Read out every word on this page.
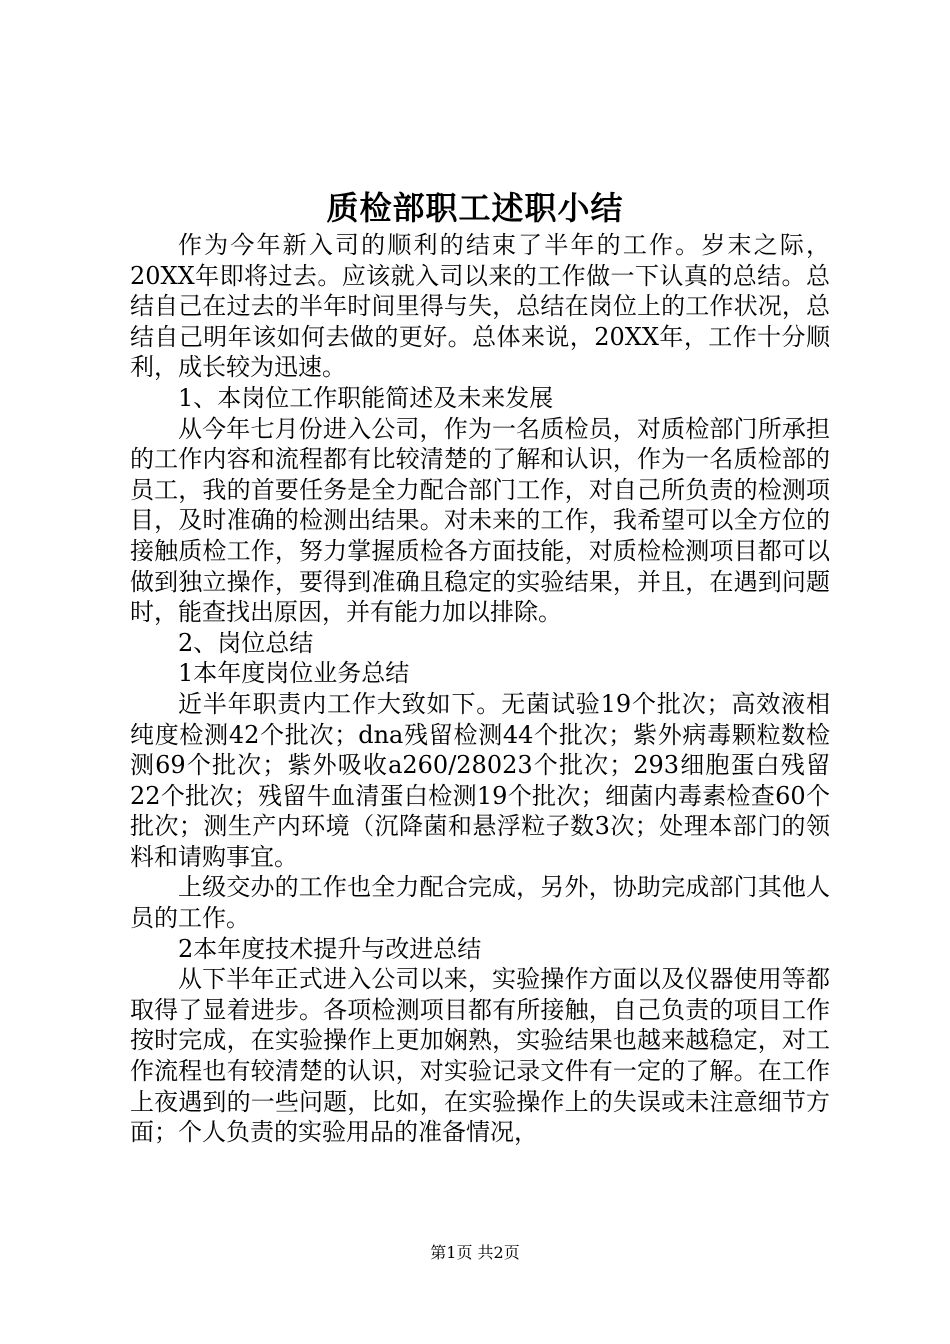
质检部职工述职小结

作为今年新入司的顺利的结束了半年的工作。岁末之际，20XX年即将过去。应该就入司以来的工作做一下认真的总结。总结自己在过去的半年时间里得与失，总结在岗位上的工作状况，总结自己明年该如何去做的更好。总体来说，20XX年，工作十分顺利，成长较为迅速。

1、本岗位工作职能简述及未来发展

从今年七月份进入公司，作为一名质检员，对质检部门所承担的工作内容和流程都有比较清楚的了解和认识，作为一名质检部的员工，我的首要任务是全力配合部门工作，对自己所负责的检测项目，及时准确的检测出结果。对未来的工作，我希望可以全方位的接触质检工作，努力掌握质检各方面技能，对质检检测项目都可以做到独立操作，要得到准确且稳定的实验结果，并且，在遇到问题时，能查找出原因，并有能力加以排除。

2、岗位总结

1本年度岗位业务总结

近半年职责内工作大致如下。无菌试验19个批次；高效液相纯度检测42个批次；dna残留检测44个批次；紫外病毒颗粒数检测69个批次；紫外吸收a260/28023个批次；293细胞蛋白残留22个批次；残留牛血清蛋白检测19个批次；细菌内毒素检查60个批次；测生产内环境（沉降菌和悬浮粒子数3次；处理本部门的领料和请购事宜。

上级交办的工作也全力配合完成，另外，协助完成部门其他人员的工作。

2本年度技术提升与改进总结

从下半年正式进入公司以来，实验操作方面以及仪器使用等都取得了显着进步。各项检测项目都有所接触，自己负责的项目工作按时完成，在实验操作上更加娴熟，实验结果也越来越稳定，对工作流程也有较清楚的认识，对实验记录文件有一定的了解。在工作上夜遇到的一些问题，比如，在实验操作上的失误或未注意细节方面；个人负责的实验用品的准备情况，

第1页 共2页
